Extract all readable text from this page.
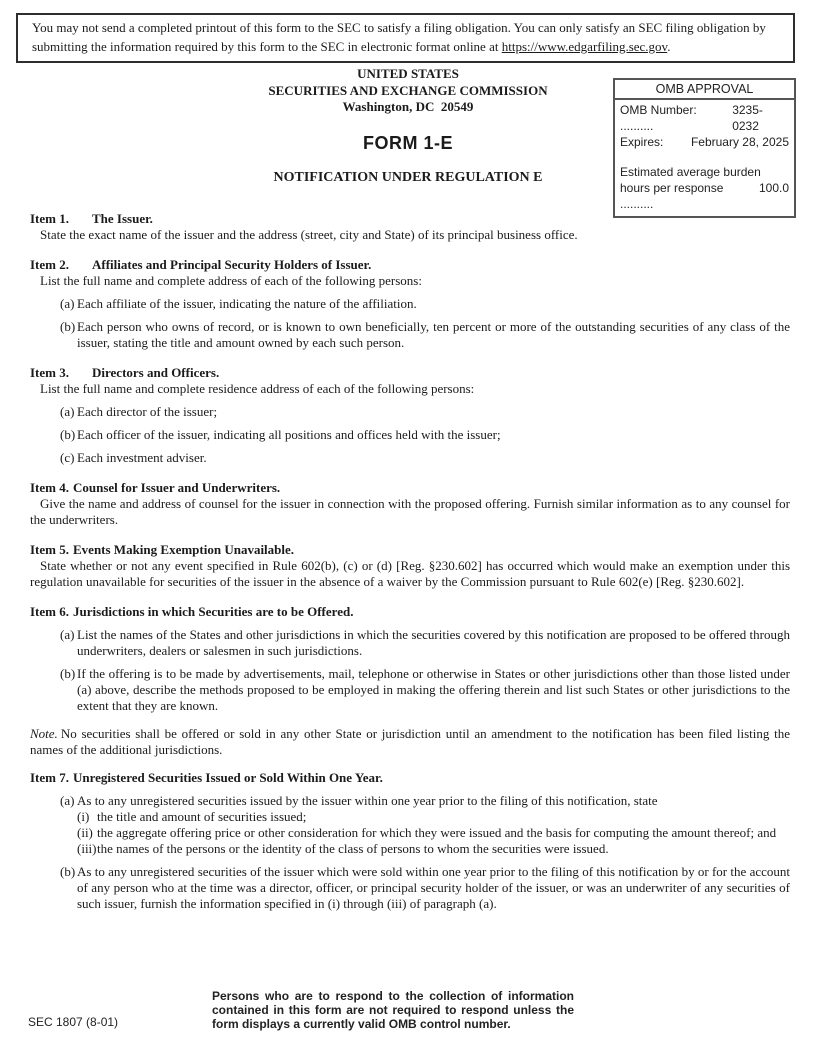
You may not send a completed printout of this form to the SEC to satisfy a filing obligation. You can only satisfy an SEC filing obligation by submitting the information required by this form to the SEC in electronic format online at https://www.edgarfiling.sec.gov.
OMB APPROVAL
OMB Number: ..........
3235-0232
Expires: February 28, 2025
Estimated average burden
hours per response ..........
100.0
UNITED STATES
SECURITIES AND EXCHANGE COMMISSION
Washington, DC  20549
FORM 1-E
NOTIFICATION UNDER REGULATION E

Item 1. The Issuer.

State the exact name of the issuer and the address (street, city and State) of its principal business office.

Item 2. Affiliates and Principal Security Holders of Issuer.

List the full name and complete address of each of the following persons:

(a) Each affiliate of the issuer, indicating the nature of the affiliation.
(b) Each person who owns of record, or is known to own beneficially, ten percent or more of the outstanding securities of any class of the issuer, stating the title and amount owned by each such person.

Item 3. Directors and Officers.

List the full name and complete residence address of each of the following persons:

(a) Each director of the issuer;
(b) Each officer of the issuer, indicating all positions and offices held with the issuer;
(c) Each investment adviser.

Item 4. Counsel for Issuer and Underwriters.

Give the name and address of counsel for the issuer in connection with the proposed offering. Furnish similar information as to any counsel for the underwriters.

Item 5. Events Making Exemption Unavailable.

State whether or not any event specified in Rule 602(b), (c) or (d) [Reg. §230.602] has occurred which would make an exemption under this regulation unavailable for securities of the issuer in the absence of a waiver by the Commission pursuant to Rule 602(e) [Reg. §230.602].

Item 6. Jurisdictions in which Securities are to be Offered.

(a) List the names of the States and other jurisdictions in which the securities covered by this notification are proposed to be offered through underwriters, dealers or salesmen in such jurisdictions.
(b) If the offering is to be made by advertisements, mail, telephone or otherwise in States or other jurisdictions other than those listed under (a) above, describe the methods proposed to be employed in making the offering therein and list such States or other jurisdictions to the extent that they are known.

Note. No securities shall be offered or sold in any other State or jurisdiction until an amendment to the notification has been filed listing the names of the additional jurisdictions.

Item 7. Unregistered Securities Issued or Sold Within One Year.

(a) As to any unregistered securities issued by the issuer within one year prior to the filing of this notification, state
(i) the title and amount of securities issued;
(ii) the aggregate offering price or other consideration for which they were issued and the basis for computing the amount thereof; and
(iii) the names of the persons or the identity of the class of persons to whom the securities were issued.
(b) As to any unregistered securities of the issuer which were sold within one year prior to the filing of this notification by or for the account of any person who at the time was a director, officer, or principal security holder of the issuer, or was an underwriter of any securities of such issuer, furnish the information specified in (i) through (iii) of paragraph (a).
SEC 1807 (8-01)
Persons who are to respond to the collection of information contained in this form are not required to respond unless the form displays a currently valid OMB control number.
